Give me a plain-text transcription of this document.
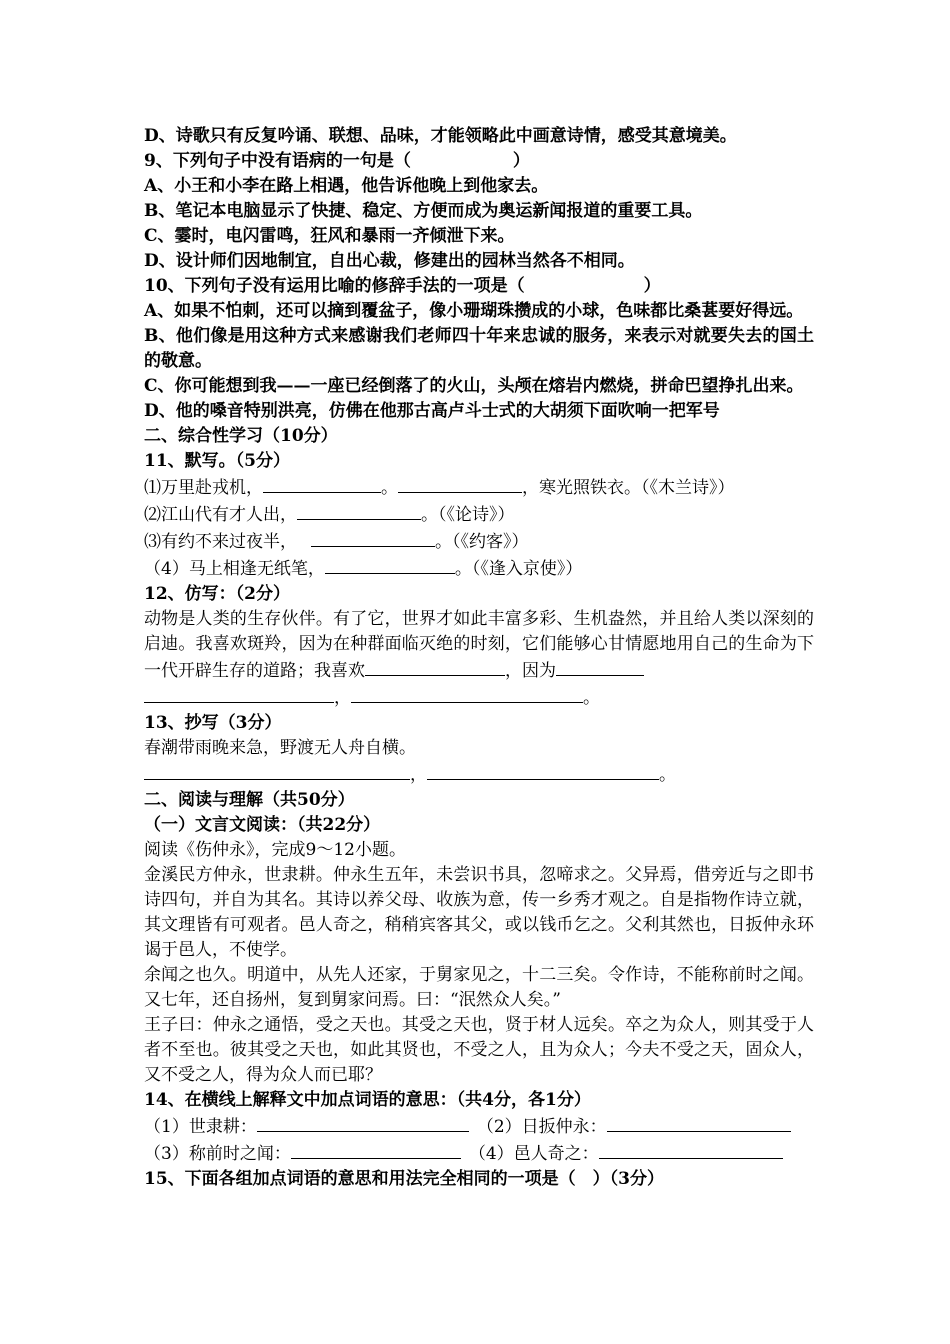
D、诗歌只有反复吟诵、联想、品味，才能领略此中画意诗情，感受其意境美。
9、下列句子中没有语病的一句是（　　　　　　）
A、小王和小李在路上相遇，他告诉他晚上到他家去。
B、笔记本电脑显示了快捷、稳定、方便而成为奥运新闻报道的重要工具。
C、霎时，电闪雷鸣，狂风和暴雨一齐倾泄下来。
D、设计师们因地制宜，自出心裁，修建出的园林当然各不相同。
10、下列句子没有运用比喻的修辞手法的一项是（　　　　　　　）
A、如果不怕刺，还可以摘到覆盆子，像小珊瑚珠攒成的小球，色味都比桑葚要好得远。
B、他们像是用这种方式来感谢我们老师四十年来忠诚的服务，来表示对就要失去的国土的敬意。
C、你可能想到我——一座已经倒落了的火山，头颅在熔岩内燃烧，拼命巴望挣扎出来。
D、他的嗓音特别洪亮，仿佛在他那古高卢斗士式的大胡须下面吹响一把军号
二、综合性学习（10分）
11、默写。（5分）
⑴万里赴戎机，	。	，寒光照铁衣。（《木兰诗》）
⑵江山代有才人出，	。（《论诗》）
⑶有约不来过夜半，	。（《约客》）
（4）马上相逢无纸笔，	。（《逢入京使》）
12、仿写：（2分）
动物是人类的生存伙伴。有了它，世界才如此丰富多彩、生机盎然，并且给人类以深刻的启迪。我喜欢斑羚，因为在种群面临灭绝的时刻，它们能够心甘情愿地用自己的生命为下一代开辟生存的道路；我喜欢	，因为
，	。
13、抄写（3分）
春潮带雨晚来急，野渡无人舟自横。
，	。
二、阅读与理解（共50分）
（一）文言文阅读：（共22分）
阅读《伤仲永》，完成9～12小题。
金溪民方仲永，世隶耕。仲永生五年，未尝识书具，忽啼求之。父异焉，借旁近与之即书诗四句，并自为其名。其诗以养父母、收族为意，传一乡秀才观之。自是指物作诗立就，其文理皆有可观者。邑人奇之，稍稍宾客其父，或以钱币乞之。父利其然也，日扳仲永环谒于邑人，不使学。
余闻之也久。明道中，从先人还家，于舅家见之，十二三矣。令作诗，不能称前时之闻。又七年，还自扬州，复到舅家问焉。曰：“泯然众人矣。”
王子曰：仲永之通悟，受之天也。其受之天也，贤于材人远矣。卒之为众人，则其受于人者不至也。彼其受之天也，如此其贤也，不受之人，且为众人；今夫不受之天，固众人，又不受之人，得为众人而已耶？
14、在横线上解释文中加点词语的意思：（共4分，各1分）
（1）世隶耕：	（2）日扳仲永：
（3）称前时之闻：	（4）邑人奇之：
15、下面各组加点词语的意思和用法完全相同的一项是（　）（3分）
